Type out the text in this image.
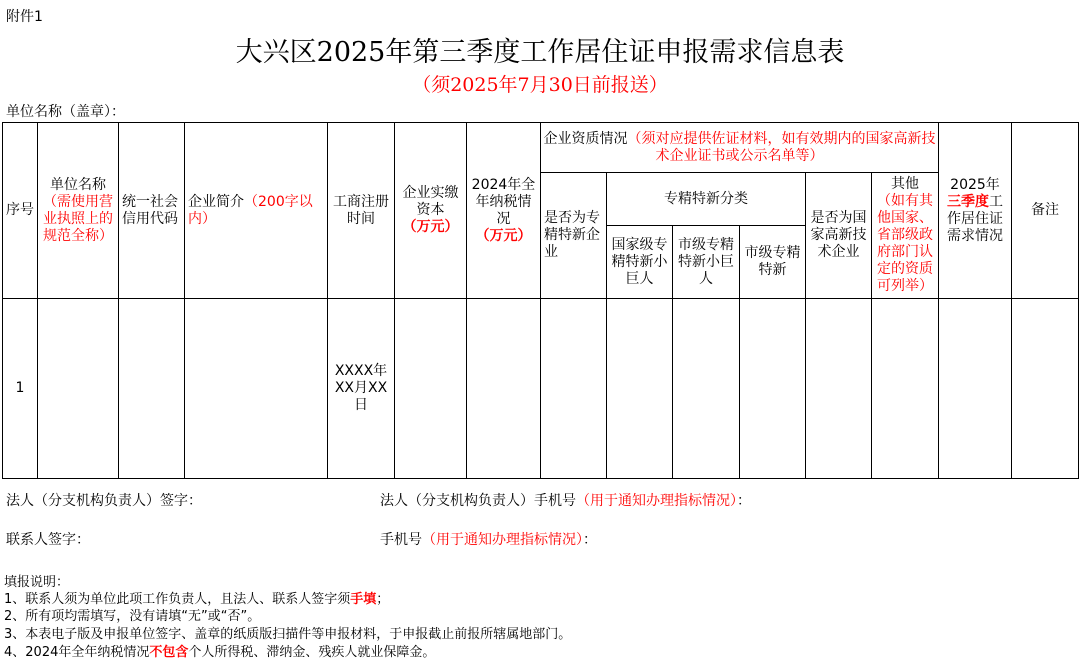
附件1
大兴区2025年第三季度工作居住证申报需求信息表
（须2025年7月30日前报送）
单位名称（盖章）：
序号
单位名称
（需使用营业执照上的规范全称）
统一社会信用代码
企业简介（200字以内）
工商注册时间
企业实缴资本
（万元）
2024年全年纳税情况
（万元）
企业资质情况（须对应提供佐证材料，如有效期内的国家高新技术企业证书或公示名单等）
是否为专精特新企业
专精特新分类
国家级专精特新小巨人
市级专精特新小巨人
市级专精特新
是否为国家高新技术企业
其他
（如有其他国家、省部级政府部门认定的资质可列举）
2025年
三季度工作居住证需求情况
备注
1
XXXX年XX月XX日
法人（分支机构负责人）签字：	法人（分支机构负责人）手机号（用于通知办理指标情况）：
联系人签字：	手机号（用于通知办理指标情况）：
填报说明：
1、联系人须为单位此项工作负责人，且法人、联系人签字须手填；
2、所有项均需填写，没有请填“无”或“否”。
3、本表电子版及申报单位签字、盖章的纸质版扫描件等申报材料，于申报截止前报所辖属地部门。
4、2024年全年纳税情况不包含个人所得税、滞纳金、残疾人就业保障金。
